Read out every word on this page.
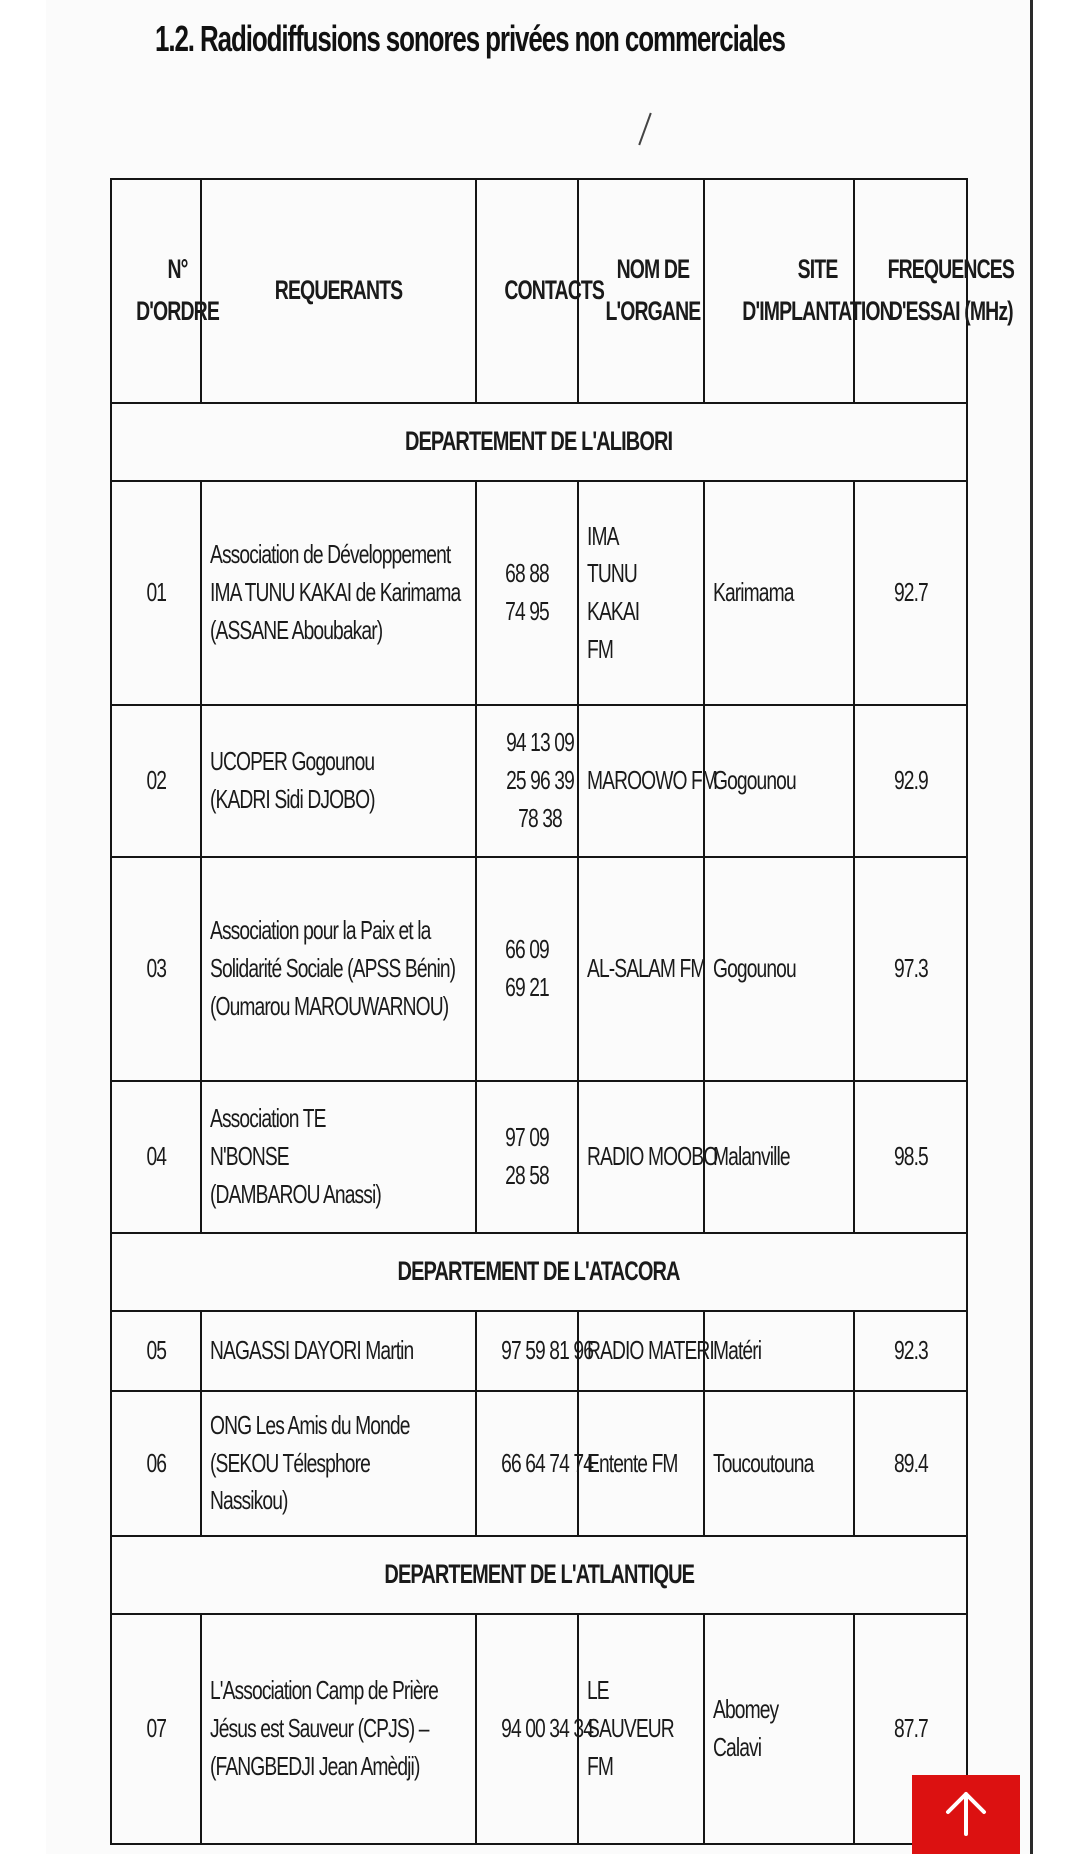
1.2. Radiodiffusions sonores privées non commerciales
N° D'ORDRE	REQUERANTS	CONTACTS	NOM DE L'ORGANE	SITE D'IMPLANTATION	FREQUENCES D'ESSAI (MHz)
DEPARTEMENT DE L'ALIBORI					
01	Association de Développement IMA TUNU KAKAI de Karimama (ASSANE Aboubakar)	68 88 74 95	IMA TUNU KAKAI FM	Karimama	92.7
02	UCOPER Gogounou (KADRI Sidi DJOBO)	94 13 09 25 96 39 78 38	MAROOWO FM	Gogounou	92.9
03	Association pour la Paix et la Solidarité Sociale (APSS Bénin) (Oumarou MAROUWARNOU)	66 09 69 21	AL-SALAM FM	Gogounou	97.3
04	Association TE N'BONSE (DAMBAROU Anassi)	97 09 28 58	RADIO MOOBO	Malanville	98.5
DEPARTEMENT DE L'ATACORA					
05	NAGASSI DAYORI Martin	97 59 81 96	RADIO MATERI	Matéri	92.3
06	ONG Les Amis du Monde (SEKOU Télesphore Nassikou)	66 64 74 74	Entente FM	Toucoutouna	89.4
DEPARTEMENT DE L'ATLANTIQUE					
07	L'Association Camp de Prière Jésus est Sauveur (CPJS) – (FANGBEDJI Jean Amèdji)	94 00 34 34	LE SAUVEUR FM	Abomey Calavi	87.7
